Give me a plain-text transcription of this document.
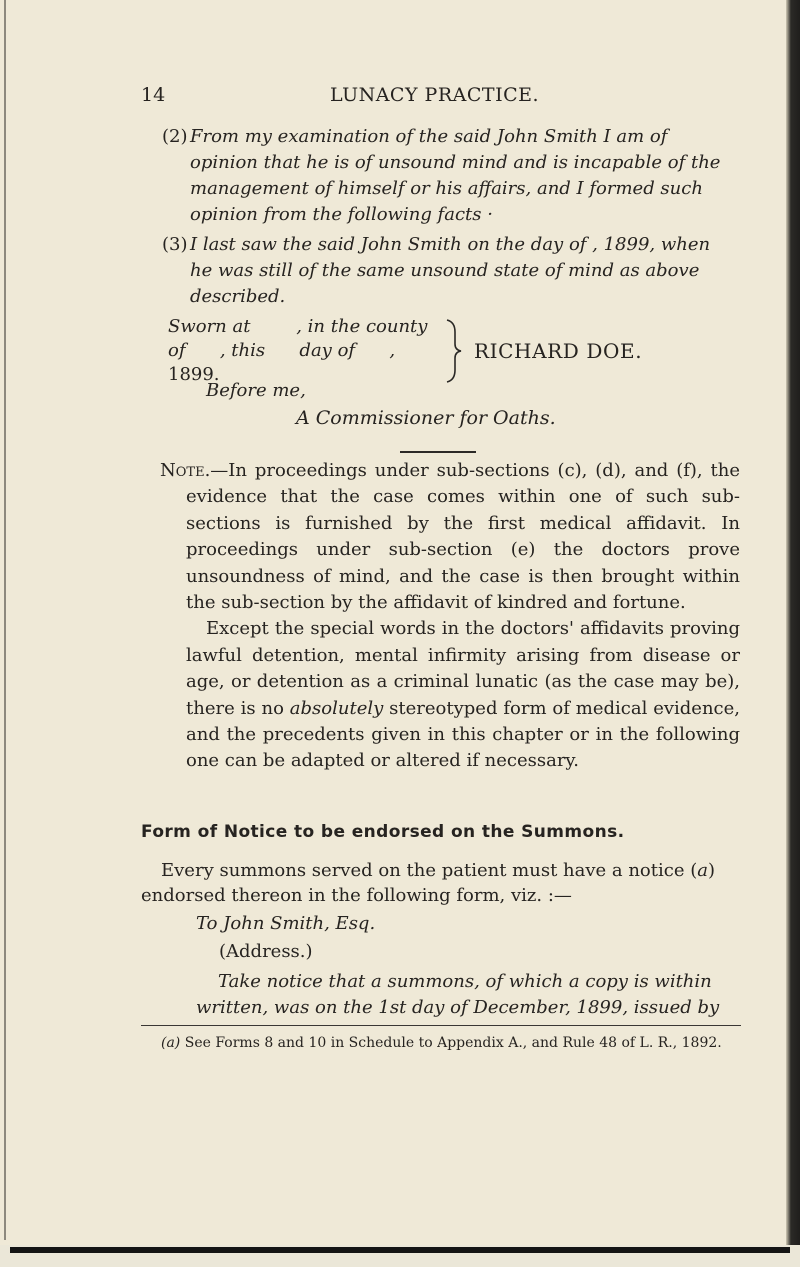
14	LUNACY PRACTICE.
(2) From my examination of the said John Smith I am of opinion that he is of unsound mind and is incapable of the management of himself or his affairs, and I formed such opinion from the following facts ·
(3) I last saw the said John Smith on the day of , 1899, when he was still of the same unsound state of mind as above described.
Sworn at        , in the county
of      , this      day of      ,
1899.
RICHARD DOE.
Before me,
A Commissioner for Oaths.

Note.—In proceedings under sub-sections (c), (d), and (f), the evidence that the case comes within one of such sub-sections is furnished by the first medical affidavit. In proceedings under sub-section (e) the doctors prove unsoundness of mind, and the case is then brought within the sub-section by the affidavit of kindred and fortune.

Except the special words in the doctors' affidavits proving lawful detention, mental infirmity arising from disease or age, or detention as a criminal lunatic (as the case may be), there is no absolutely stereotyped form of medical evidence, and the precedents given in this chapter or in the following one can be adapted or altered if necessary.

Form of Notice to be endorsed on the Summons.
Every summons served on the patient must have a notice (a) endorsed thereon in the following form, viz. :—
To John Smith, Esq.
(Address.)
Take notice that a summons, of which a copy is within written, was on the 1st day of December, 1899, issued by
(a) See Forms 8 and 10 in Schedule to Appendix A., and Rule 48 of L. R., 1892.
